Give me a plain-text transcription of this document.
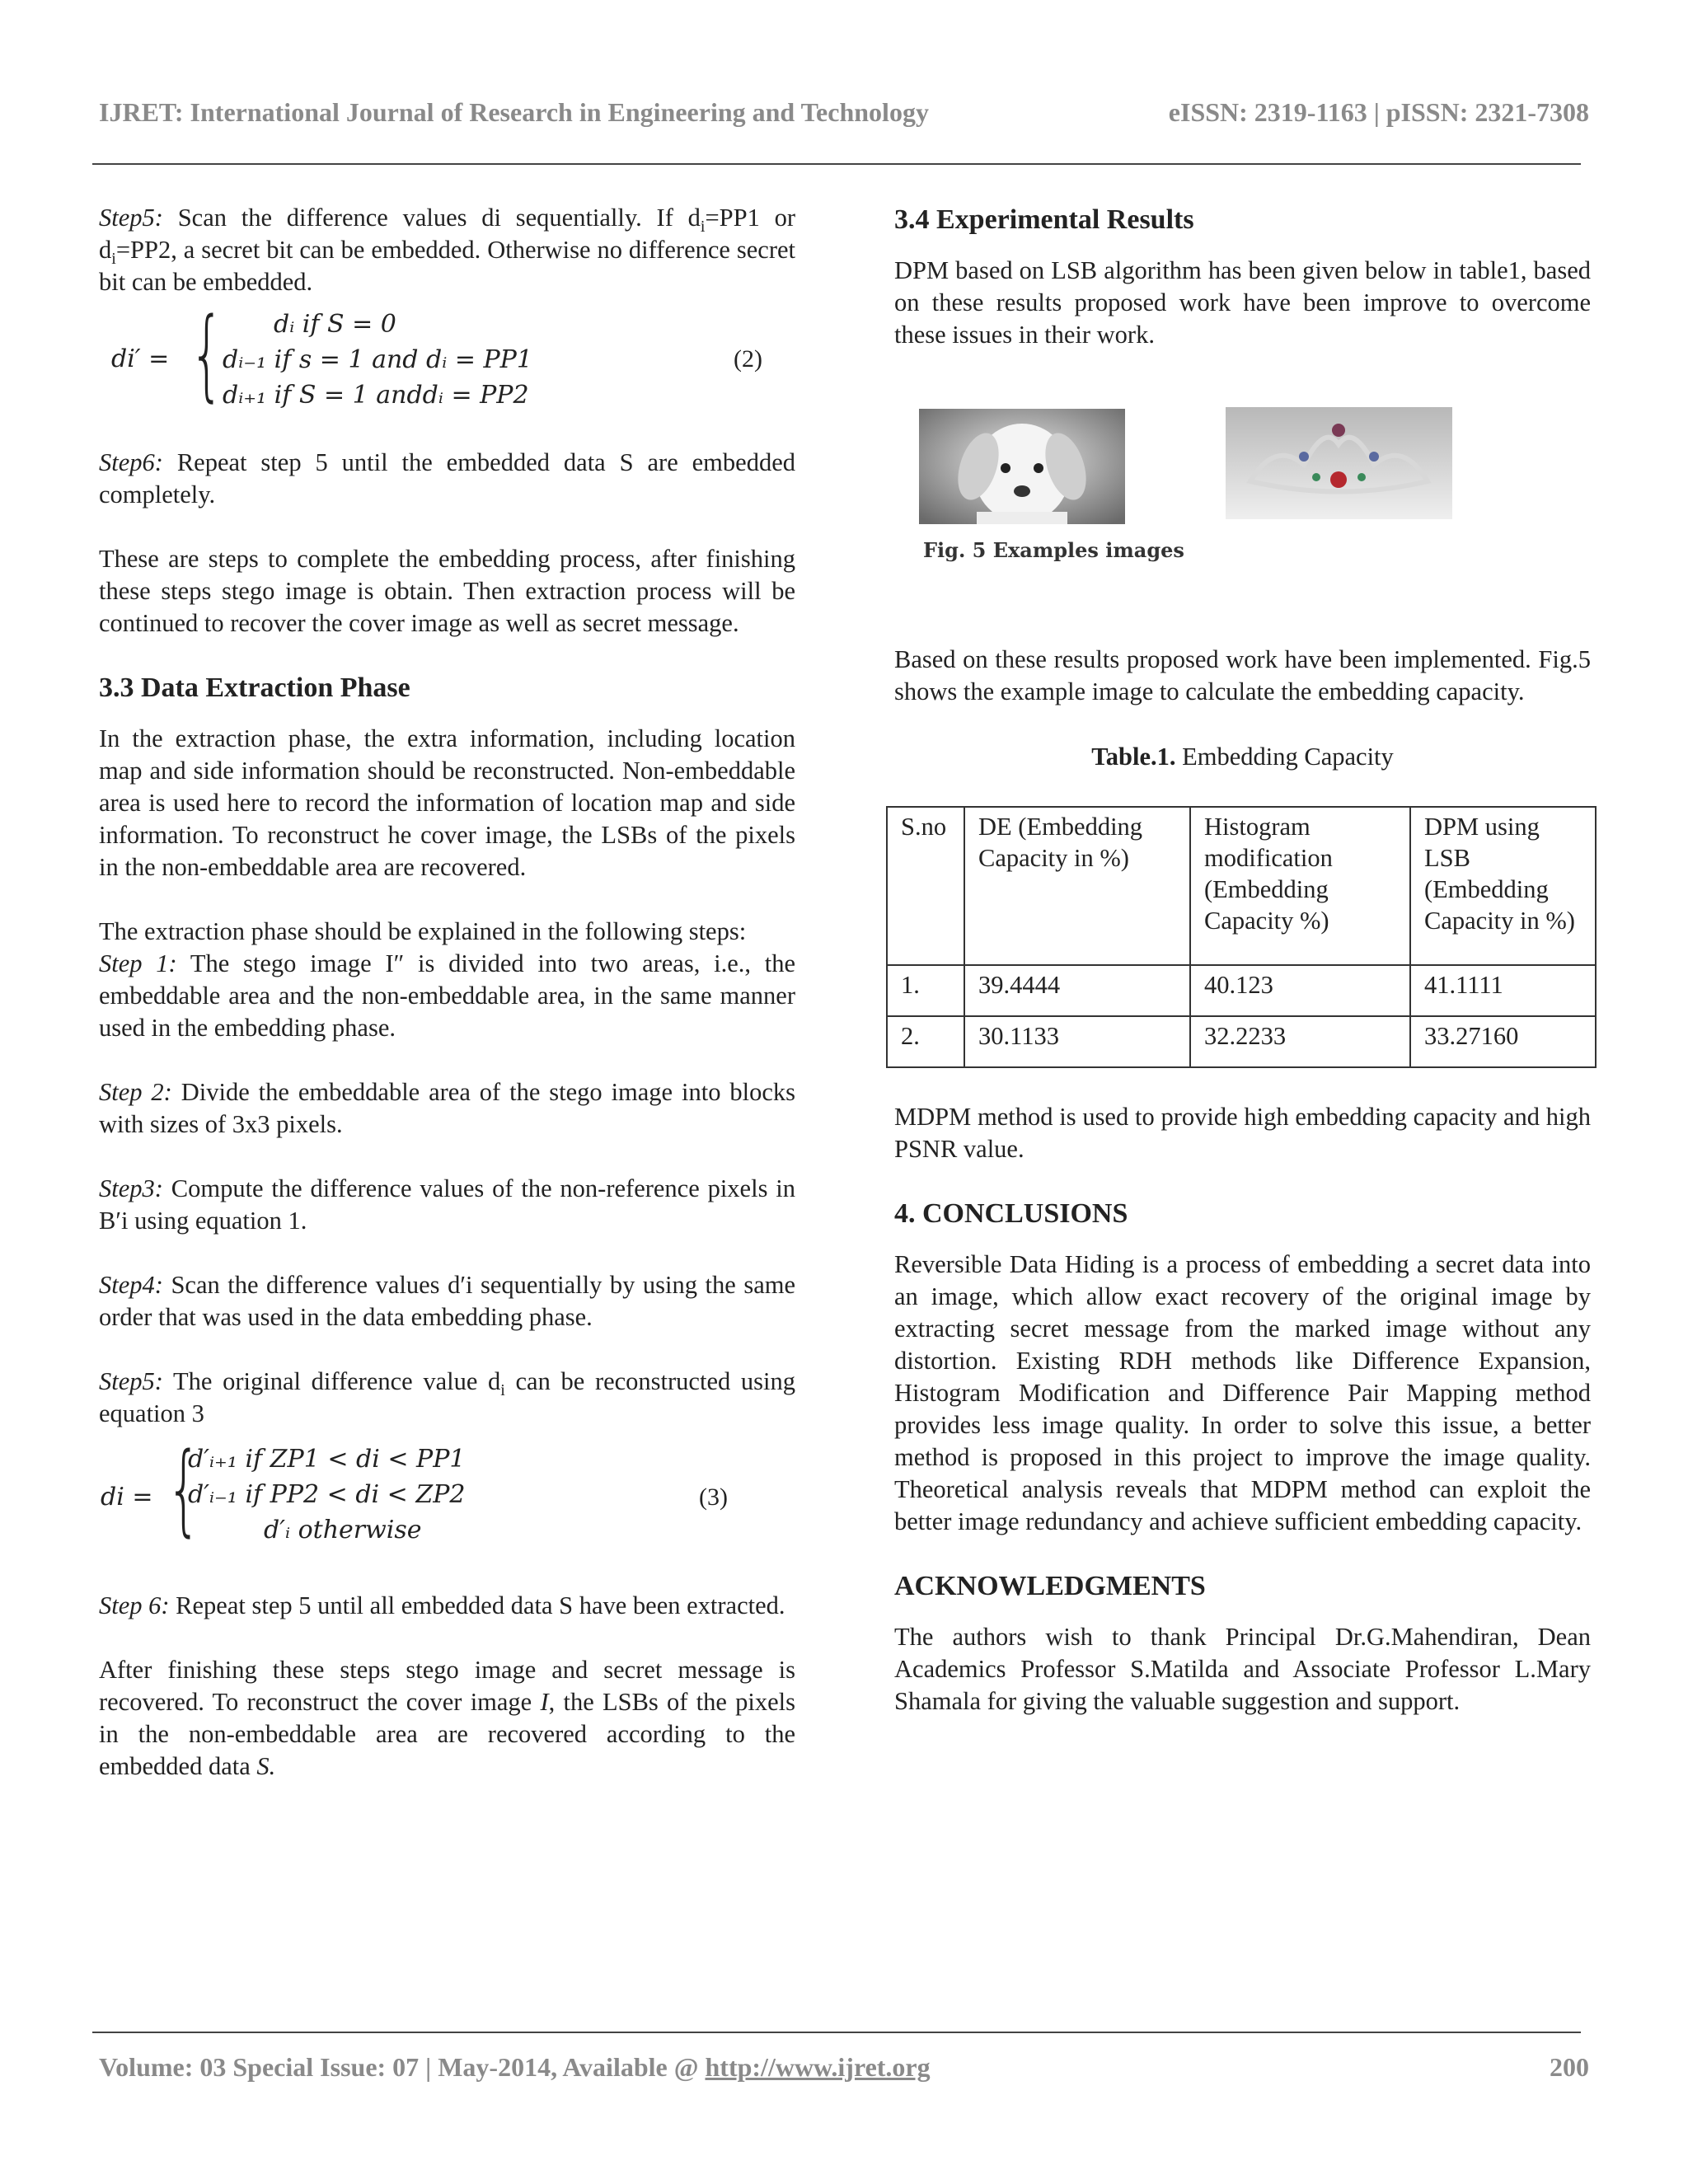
IJRET: International Journal of Research in Engineering and Technology	eISSN: 2319-1163 | pISSN: 2321-7308

Step5: Scan the difference values di sequentially. If $d_i=PP1$ or $d_i=PP2$, a secret bit can be embedded. Otherwise no difference secret bit can be embedded.

di′ = {	dᵢ if S = 0
dᵢ₋₁ if s = 1 and dᵢ = PP1
dᵢ₊₁ if S = 1 anddᵢ = PP2
(2)

Step6: Repeat step 5 until the embedded data S are embedded completely.

These are steps to complete the embedding process, after finishing these steps stego image is obtain. Then extraction process will be continued to recover the cover image as well as secret message.

3.3 Data Extraction Phase

In the extraction phase, the extra information, including location map and side information should be reconstructed. Non-embeddable area is used here to record the information of location map and side information. To reconstruct he cover image, the LSBs of the pixels in the non-embeddable area are recovered.

The extraction phase should be explained in the following steps:

Step 1: The stego image I″ is divided into two areas, i.e., the embeddable area and the non-embeddable area, in the same manner used in the embedding phase.

Step 2: Divide the embeddable area of the stego image into blocks with sizes of 3x3 pixels.

Step3: Compute the difference values of the non-reference pixels in B′i using equation 1.

Step4: Scan the difference values d′i sequentially by using the same order that was used in the data embedding phase.

Step5: The original difference value $d_i$ can be reconstructed using equation 3

di = {
d′ᵢ₊₁ if ZP1 < di < PP1
d′ᵢ₋₁ if PP2 < di < ZP2
d′ᵢ otherwise
(3)

Step 6: Repeat step 5 until all embedded data S have been extracted.

After finishing these steps stego image and secret message is recovered. To reconstruct the cover image I, the LSBs of the pixels in the non-embeddable area are recovered according to the embedded data S.

3.4 Experimental Results

DPM based on LSB algorithm has been given below in table1, based on these results proposed work have been improve to overcome these issues in their work.

Fig. 5 Examples images

Based on these results proposed work have been implemented. Fig.5 shows the example image to calculate the embedding capacity.

Table.1. Embedding Capacity
S.no	DE (Embedding Capacity in %)	Histogram modification (Embedding Capacity %)	DPM using LSB (Embedding Capacity in %)
1.	39.4444	40.123	41.1111
2.	30.1133	32.2233	33.27160

MDPM method is used to provide high embedding capacity and high PSNR value.

4. CONCLUSIONS

Reversible Data Hiding is a process of embedding a secret data into an image, which allow exact recovery of the original image by extracting secret message from the marked image without any distortion. Existing RDH methods like Difference Expansion, Histogram Modification and Difference Pair Mapping method provides less image quality. In order to solve this issue, a better method is proposed in this project to improve the image quality. Theoretical analysis reveals that MDPM method can exploit the better image redundancy and achieve sufficient embedding capacity.

ACKNOWLEDGMENTS

The authors wish to thank Principal Dr.G.Mahendiran, Dean Academics Professor S.Matilda and Associate Professor L.Mary Shamala for giving the valuable suggestion and support.

Volume: 03 Special Issue: 07 | May-2014, Available @ http://www.ijret.org	200
